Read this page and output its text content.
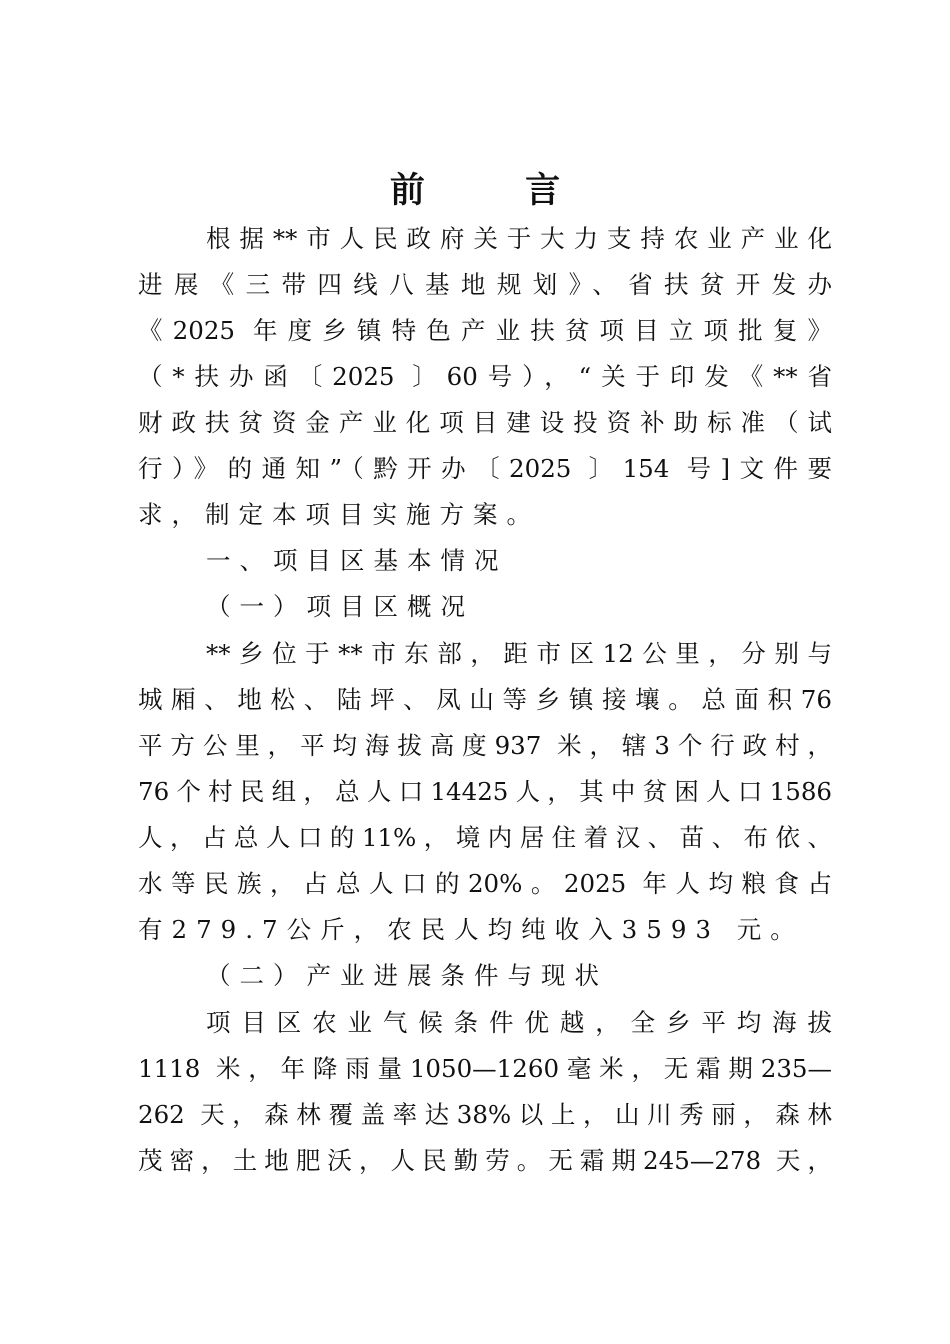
前 言

根据**市人民政府关于大力支持农业产业化

进展《三带四线八基地规划》、省扶贫开发办

《2025 年度乡镇特色产业扶贫项目立项批复》

（*扶办函〔2025 〕60号），“关于印发《**省

财政扶贫资金产业化项目建设投资补助标准（试

行）》的通知”（黔开办〔2025 〕154 号]文件要

求，制定本项目实施方案。

一、项目区基本情况

（一）项目区概况

**乡位于**市东部，距市区12公里，分别与

城厢、地松、陆坪、凤山等乡镇接壤。总面积76

平方公里，平均海拔高度937 米，辖3个行政村，

76个村民组，总人口14425人，其中贫困人口1586

人，占总人口的11%，境内居住着汉、苗、布依、

水等民族，占总人口的20%。2025 年人均粮食占

有279.7公斤，农民人均纯收入3593 元。

（二）产业进展条件与现状

项目区农业气候条件优越，全乡平均海拔

1118 米，年降雨量1050—1260毫米，无霜期235—

262 天，森林覆盖率达38%以上，山川秀丽，森林

茂密，土地肥沃，人民勤劳。无霜期245—278 天，
